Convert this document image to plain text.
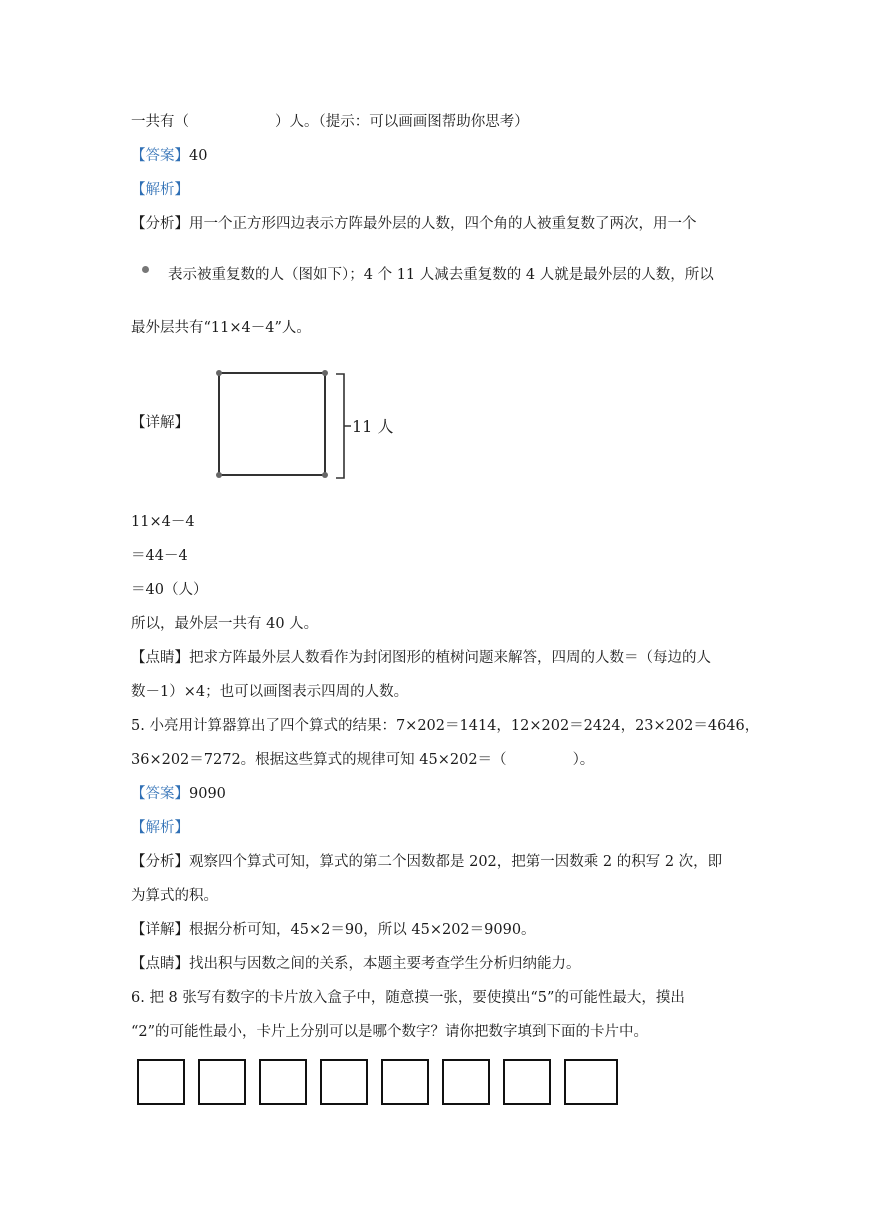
一共有（	）人。（提示：可以画画图帮助你思考）
【答案】40
【解析】
【分析】用一个正方形四边表示方阵最外层的人数，四个角的人被重复数了两次，用一个
表示被重复数的人（图如下）；4 个 11 人减去重复数的 4 人就是最外层的人数，所以
最外层共有“11×4－4”人。
【详解】	11 人
11×4－4
＝44－4
＝40（人）
所以，最外层一共有 40 人。
【点睛】把求方阵最外层人数看作为封闭图形的植树问题来解答，四周的人数＝（每边的人
数－1）×4；也可以画图表示四周的人数。
5. 小亮用计算器算出了四个算式的结果：7×202＝1414，12×202＝2424，23×202＝4646，
36×202＝7272。根据这些算式的规律可知 45×202＝（	）。
【答案】9090
【解析】
【分析】观察四个算式可知，算式的第二个因数都是 202，把第一因数乘 2 的积写 2 次，即
为算式的积。
【详解】根据分析可知，45×2＝90，所以 45×202＝9090。
【点睛】找出积与因数之间的关系，本题主要考查学生分析归纳能力。
6. 把 8 张写有数字的卡片放入盒子中，随意摸一张，要使摸出“5”的可能性最大，摸出
“2”的可能性最小，卡片上分别可以是哪个数字？请你把数字填到下面的卡片中。
